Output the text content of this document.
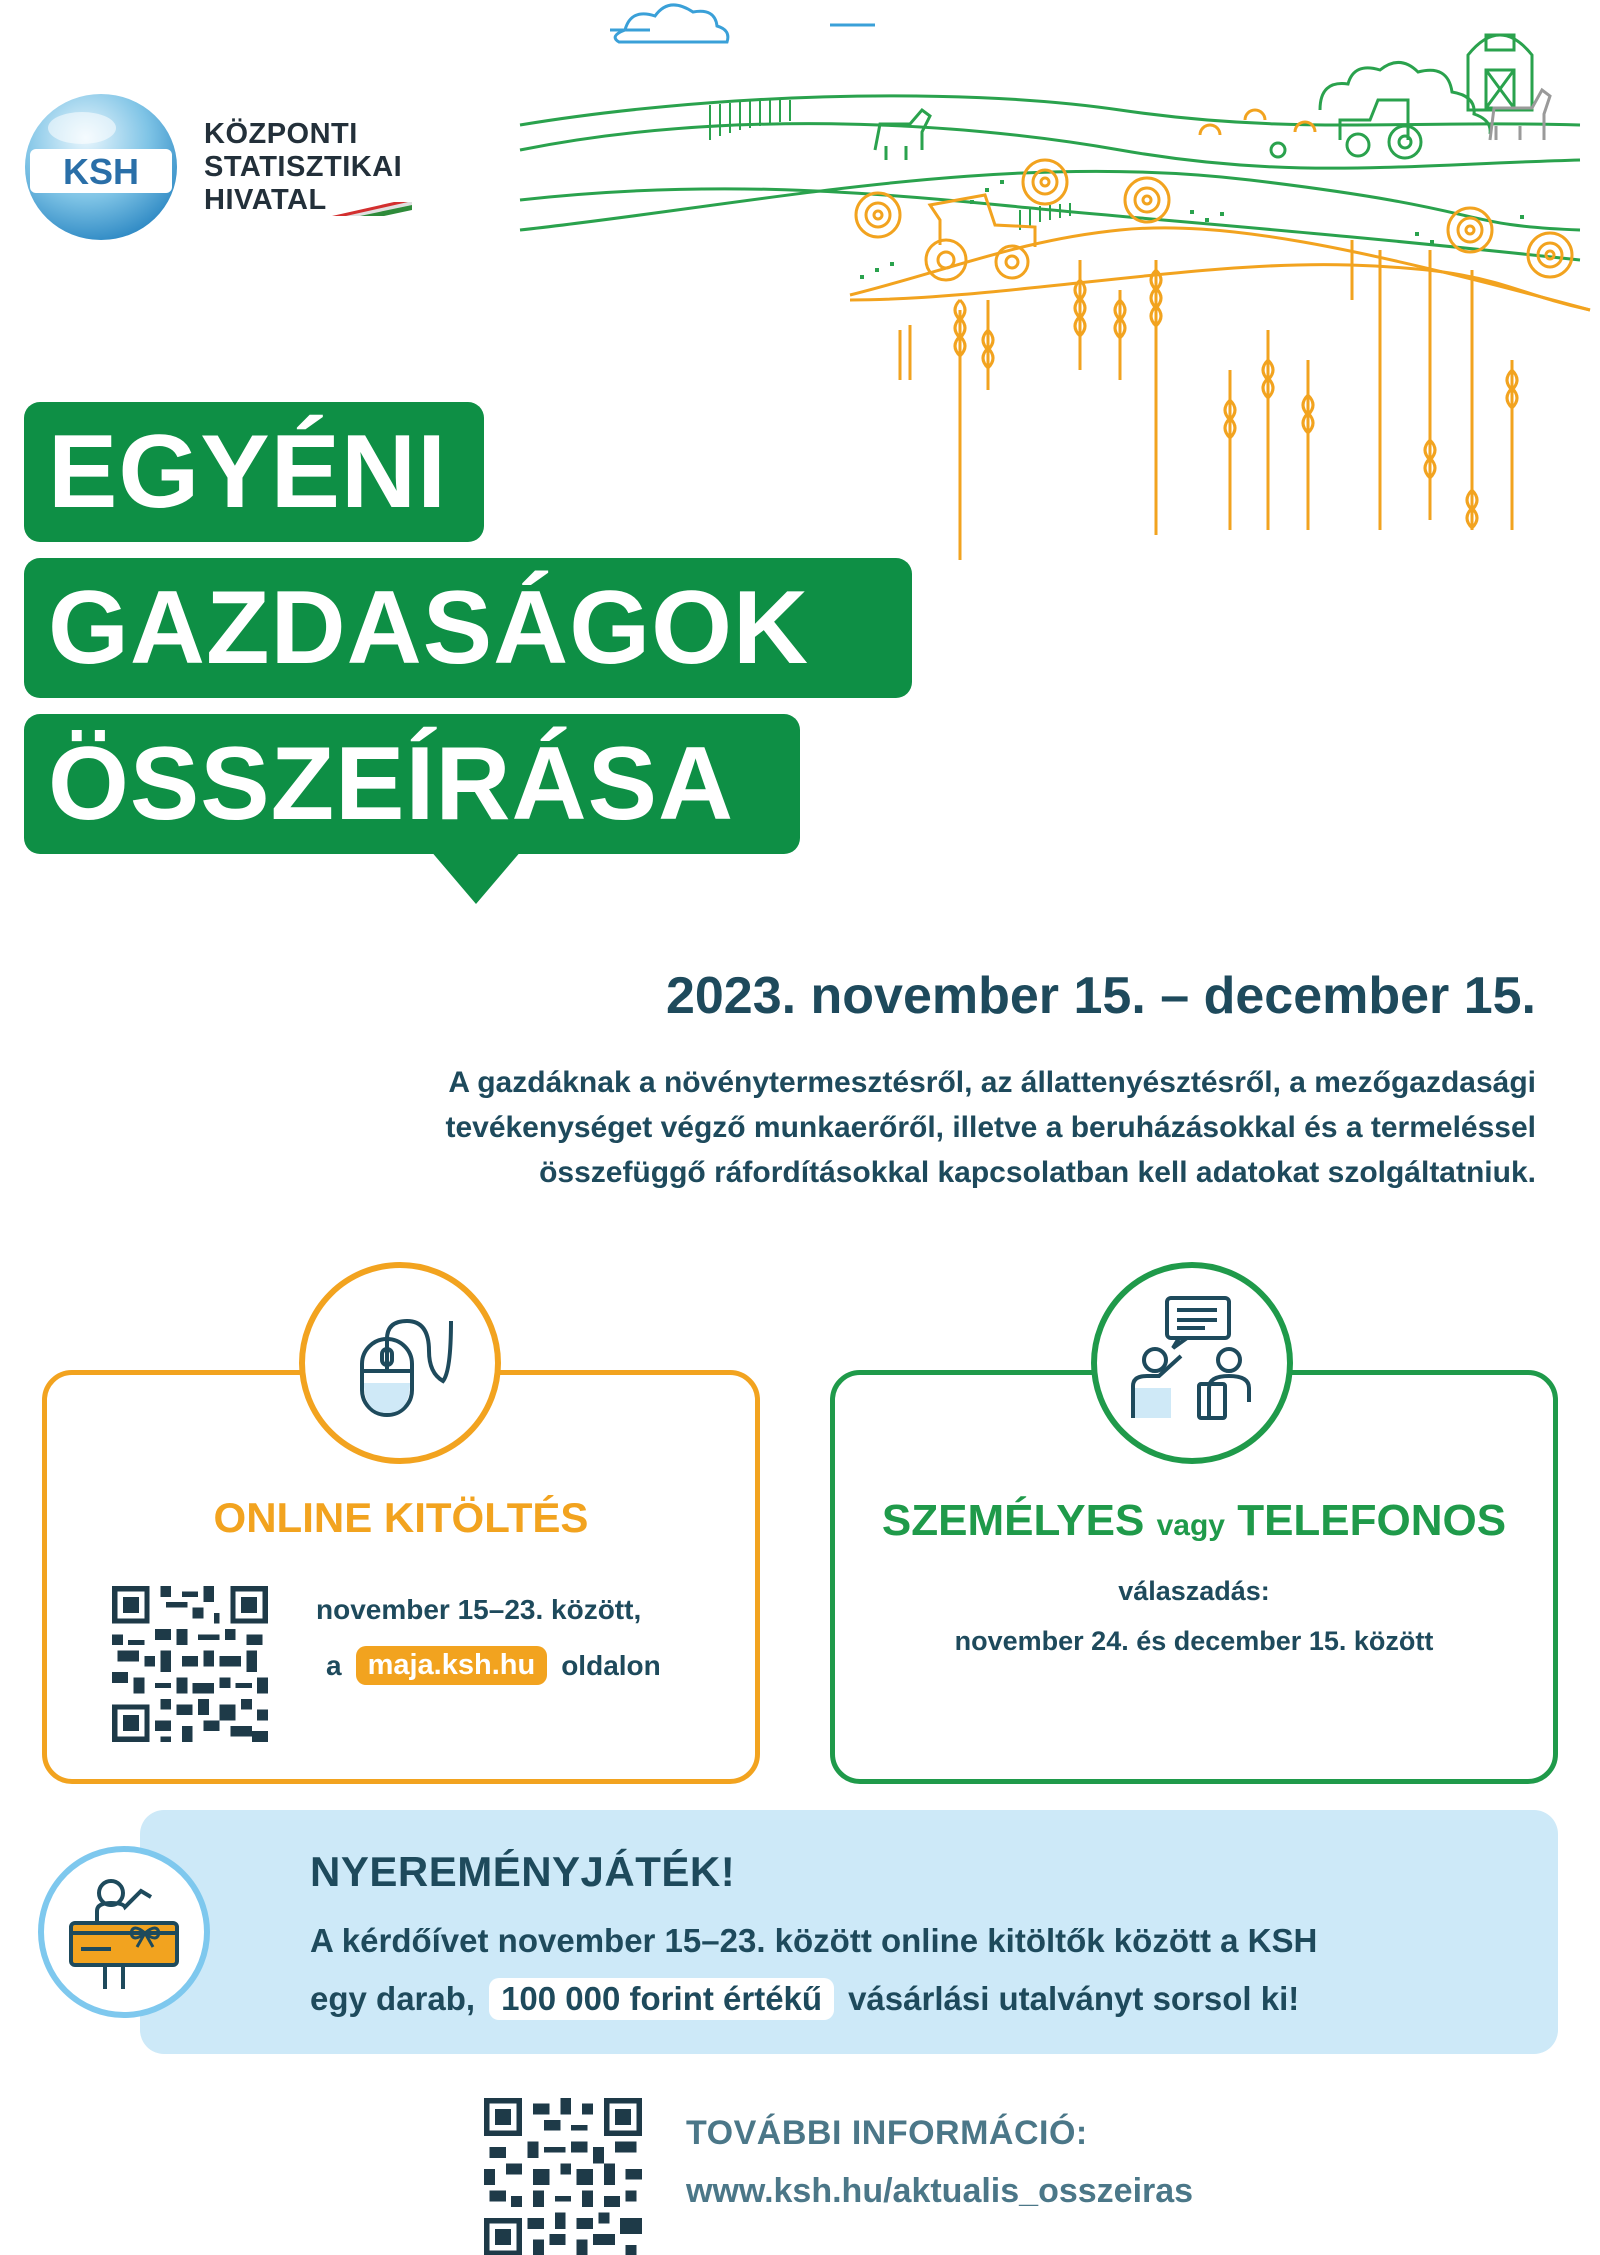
KSH
KÖZPONTI
STATISZTIKAI
HIVATAL
EGYÉNI
GAZDASÁGOK
ÖSSZEÍRÁSA
2023. november 15. – december 15.
A gazdáknak a növénytermesztésről, az állattenyésztésről, a mezőgazdasági
tevékenységet végző munkaerőről, illetve a beruházásokkal és a termeléssel
összefüggő ráfordításokkal kapcsolatban kell adatokat szolgáltatniuk.
ONLINE KITÖLTÉS
november 15–23. között,
a maja.ksh.hu oldalon
SZEMÉLYES vagy TELEFONOS
válaszadás:
november 24. és december 15. között
NYEREMÉNYJÁTÉK!
A kérdőívet november 15–23. között online kitöltők között a KSH
egy darab, 100 000 forint értékű vásárlási utalványt sorsol ki!
TOVÁBBI INFORMÁCIÓ:
www.ksh.hu/aktualis_osszeiras
